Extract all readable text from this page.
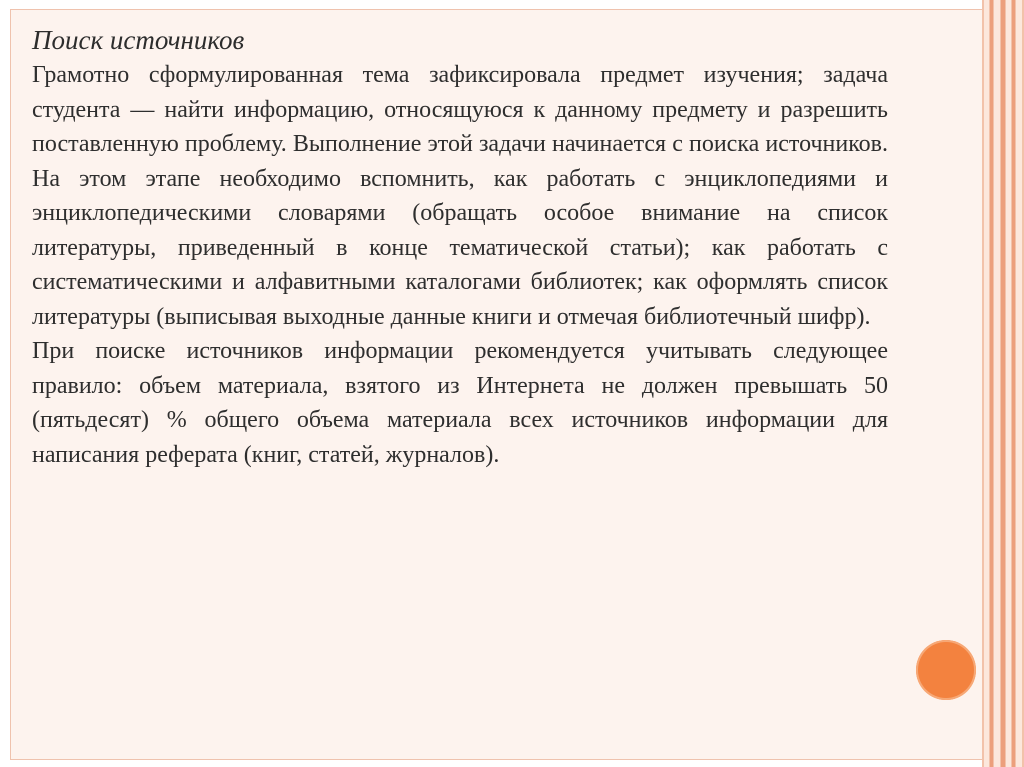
Поиск источников

Грамотно сформулированная тема зафиксировала предмет изучения; задача студента — найти информацию, относящуюся к данному предмету и разрешить поставленную проблему. Выполнение этой задачи начинается с поиска источников. На этом этапе необходимо вспомнить, как работать с энциклопедиями и энциклопедическими словарями (обращать особое внимание на список литературы, приведенный в конце тематической статьи); как работать с систематическими и алфавитными каталогами библиотек; как оформлять список литературы (выписывая выходные данные книги и отмечая библиотечный шифр).

При поиске источников информации рекомендуется учитывать следующее правило: объем материала, взятого из Интернета не должен превышать 50 (пятьдесят) % общего объема материала всех источников информации для написания реферата (книг, статей, журналов).
